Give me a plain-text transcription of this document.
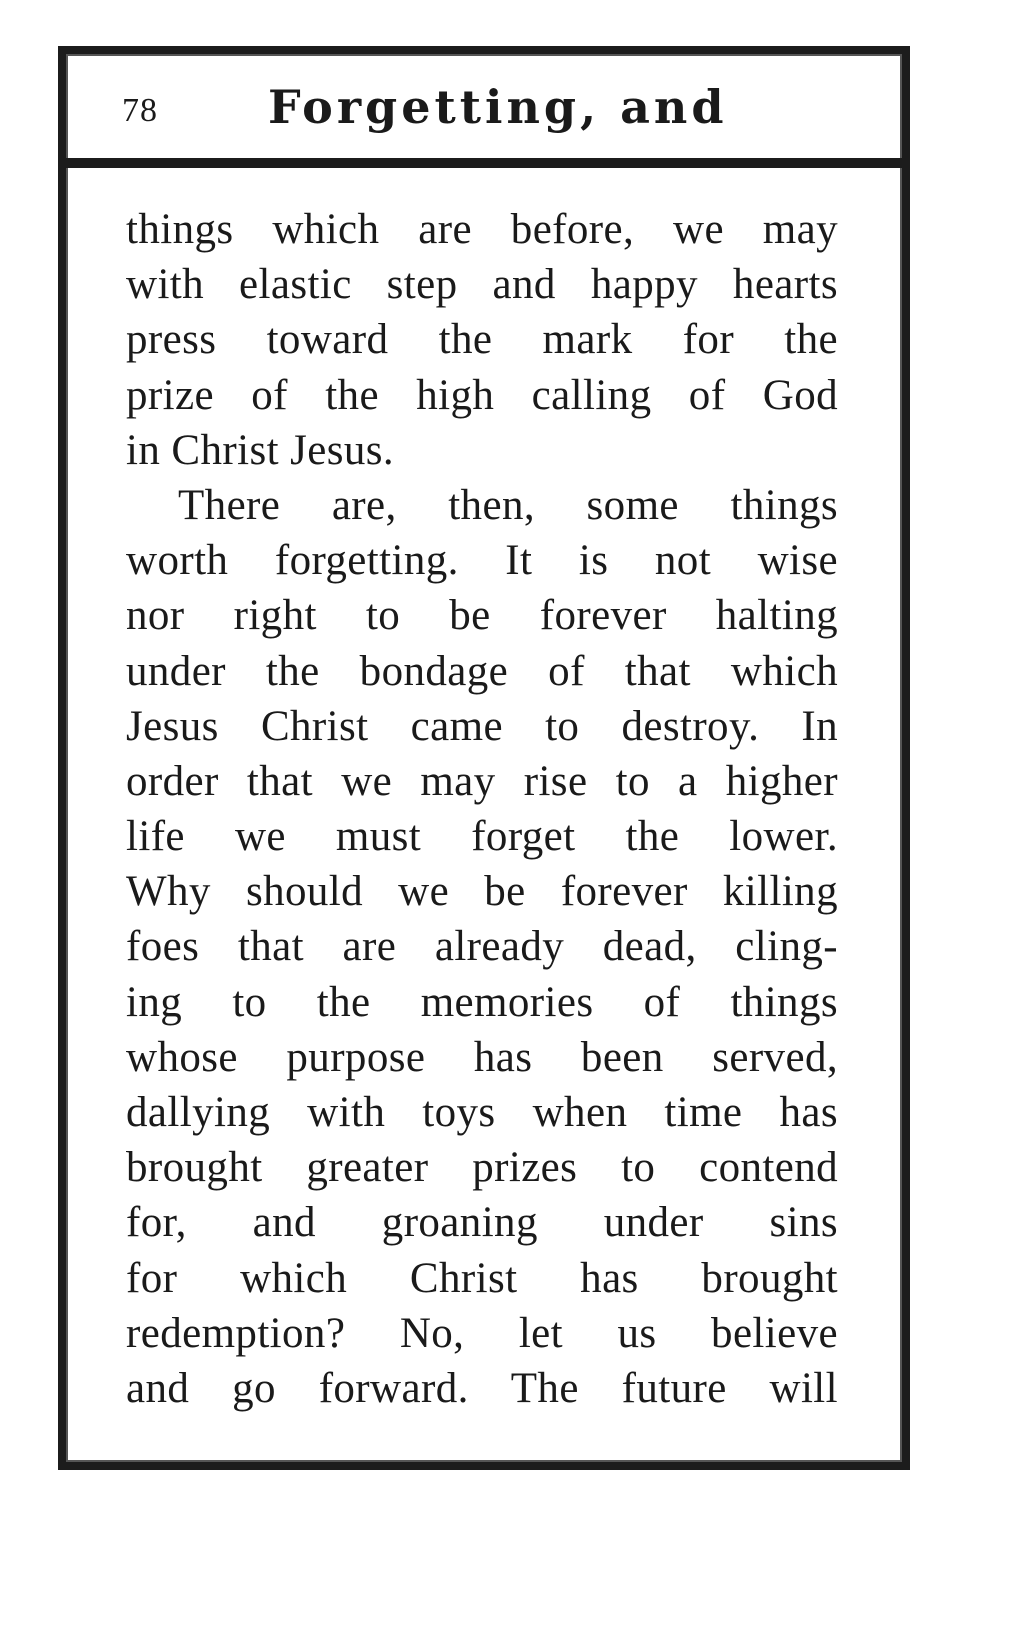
78 Forgetting, and
things which are before, we may
with elastic step and happy hearts
press toward the mark for the
prize of the high calling of God
in Christ Jesus.
There are, then, some things
worth forgetting. It is not wise
nor right to be forever halting
under the bondage of that which
Jesus Christ came to destroy. In
order that we may rise to a higher
life we must forget the lower.
Why should we be forever killing
foes that are already dead, cling-
ing to the memories of things
whose purpose has been served,
dallying with toys when time has
brought greater prizes to contend
for, and groaning under sins
for which Christ has brought
redemption? No, let us believe
and go forward. The future will
